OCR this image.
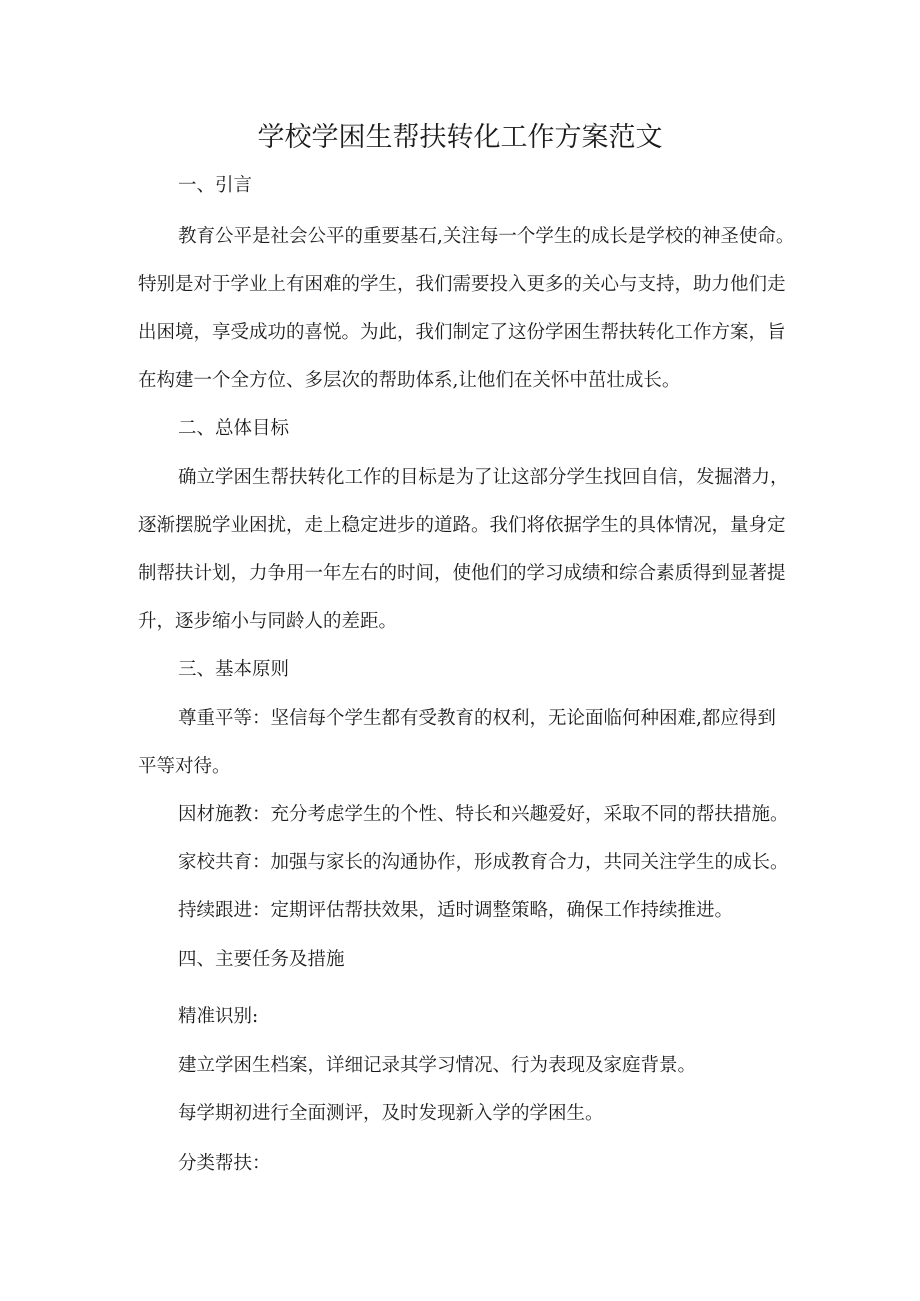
学校学困生帮扶转化工作方案范文

一、引言

教育公平是社会公平的重要基石,关注每一个学生的成长是学校的神圣使命。

特别是对于学业上有困难的学生，我们需要投入更多的关心与支持，助力他们走

出困境，享受成功的喜悦。为此，我们制定了这份学困生帮扶转化工作方案，旨

在构建一个全方位、多层次的帮助体系,让他们在关怀中茁壮成长。

二、总体目标

确立学困生帮扶转化工作的目标是为了让这部分学生找回自信，发掘潜力，

逐渐摆脱学业困扰，走上稳定进步的道路。我们将依据学生的具体情况，量身定

制帮扶计划，力争用一年左右的时间，使他们的学习成绩和综合素质得到显著提

升，逐步缩小与同龄人的差距。

三、基本原则

尊重平等：坚信每个学生都有受教育的权利，无论面临何种困难,都应得到

平等对待。

因材施教：充分考虑学生的个性、特长和兴趣爱好，采取不同的帮扶措施。

家校共育：加强与家长的沟通协作，形成教育合力，共同关注学生的成长。

持续跟进：定期评估帮扶效果，适时调整策略，确保工作持续推进。

四、主要任务及措施

精准识别:

建立学困生档案，详细记录其学习情况、行为表现及家庭背景。

每学期初进行全面测评，及时发现新入学的学困生。

分类帮扶：
